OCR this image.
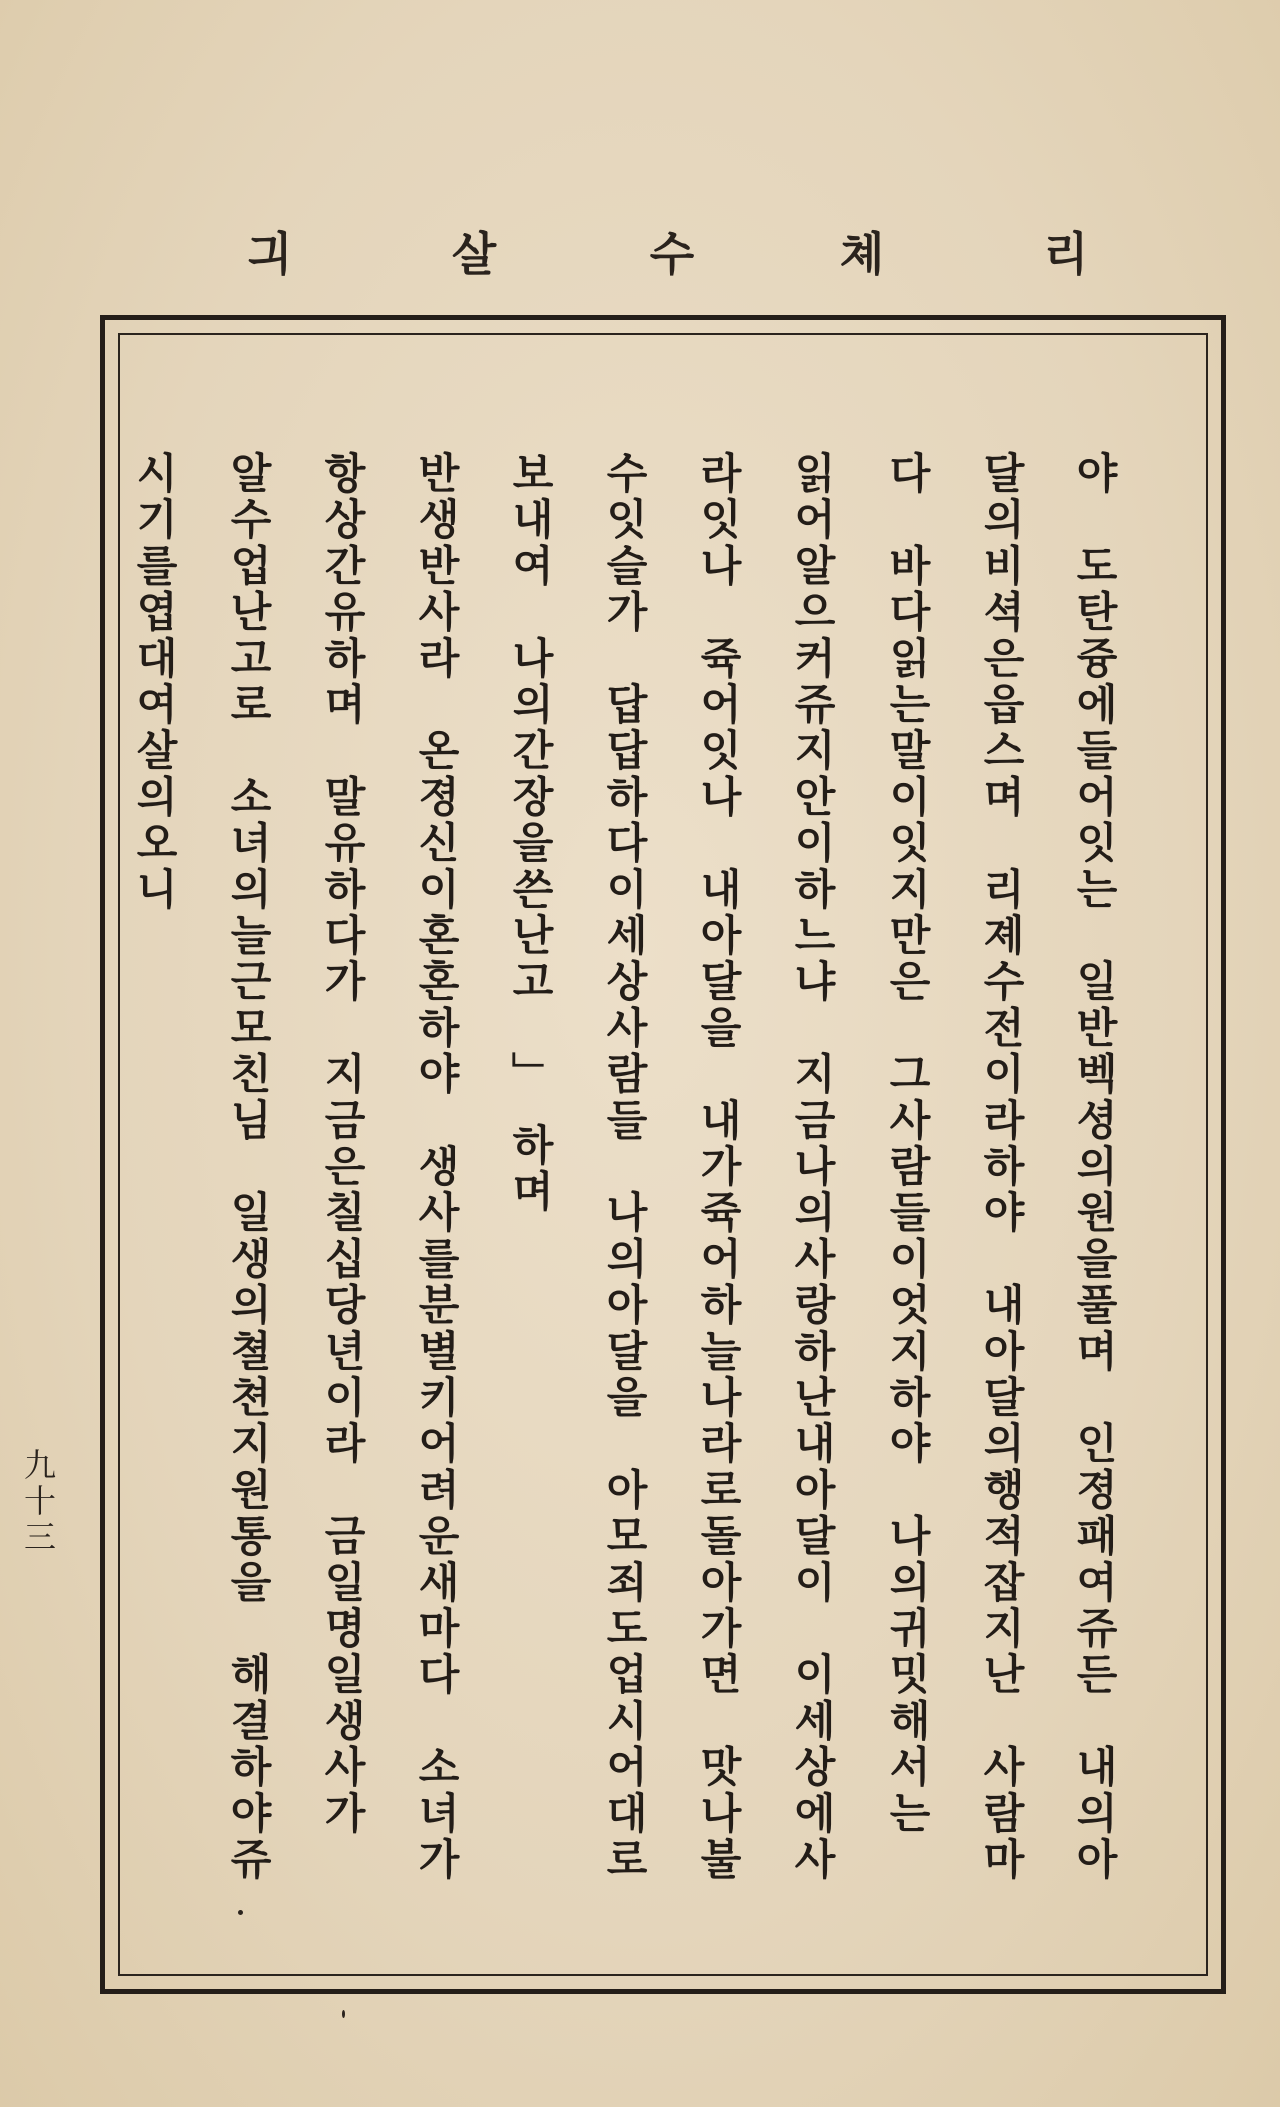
긔	살	수	쳬	리
야　도탄즁에들어잇는　일반벡셩의원을풀며　인졍패여쥬든　내의아
달의비셕은읍스며　리졔수전이라하야　내아달의행적잡지난　사람마
다　바다읽는말이잇지만은　그사람들이엇지하야　나의귀밋해서는
읽어알으커쥬지안이하느냐　지금나의사랑하난내아달이　이세상에사
라잇나　쥭어잇나　내아달을　내가쥭어하늘나라로돌아가면　맛나불
수잇슬가　답답하다이세상사람들　나의아달을　아모죄도업시어대로
보내여　나의간장을쓴난고　」　하며
반생반사라　온졍신이혼혼하야　생사를분별키어려운새마다　소녀가
항상간유하며　말유하다가　지금은칠십당년이라　금일명일생사가
알수업난고로　소녀의늘근모친님　일생의쳘쳔지원통을　해결하야쥬
시기를엽대여살의오니
九十三
